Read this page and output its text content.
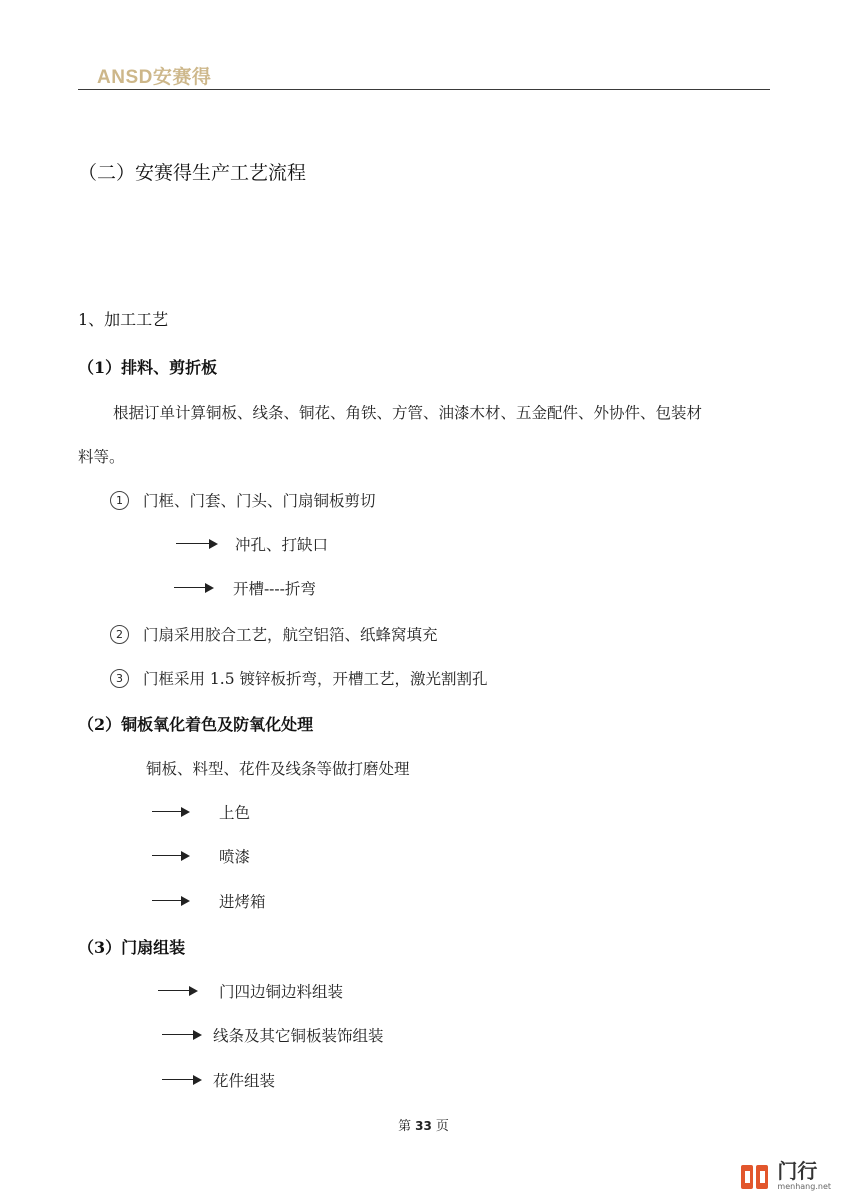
ANSD安赛得
（二）安赛得生产工艺流程
1、加工工艺
（1）排料、剪折板
根据订单计算铜板、线条、铜花、角铁、方管、油漆木材、五金配件、外协件、包装材
料等。
1 门框、门套、门头、门扇铜板剪切
冲孔、打缺口
开槽----折弯
2 门扇采用胶合工艺，航空铝箔、纸蜂窝填充
3 门框采用 1.5 镀锌板折弯，开槽工艺，激光割割孔
（2）铜板氧化着色及防氧化处理
铜板、料型、花件及线条等做打磨处理
上色
喷漆
进烤箱
（3）门扇组装
门四边铜边料组装
线条及其它铜板装饰组装
花件组装
第 33 页
门行
menhang.net
